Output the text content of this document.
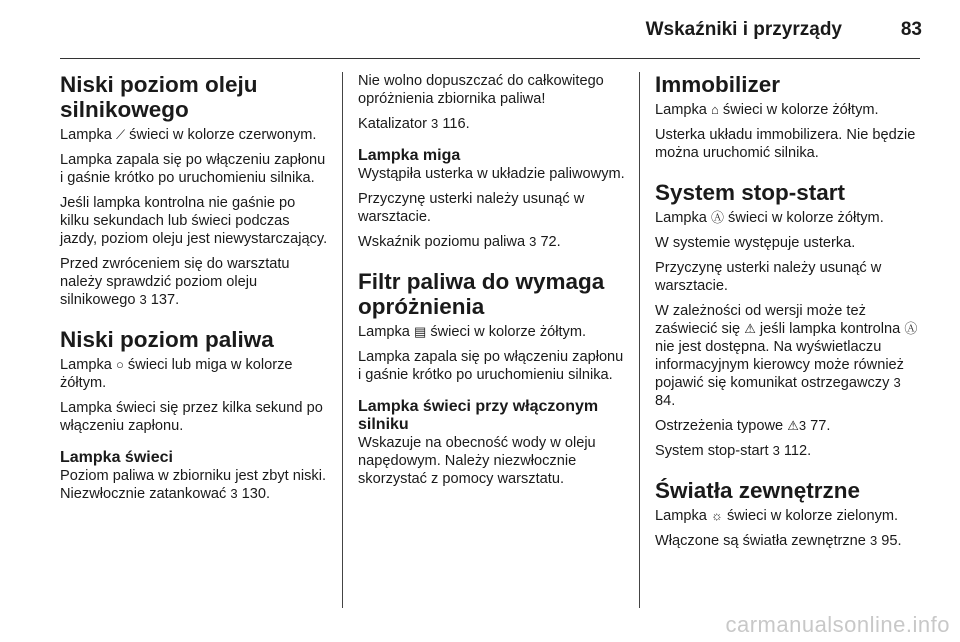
Wskaźniki i przyrządy	83
Niski poziom oleju silnikowego

Lampka ⟋ świeci w kolorze czerwonym.

Lampka zapala się po włączeniu zapłonu i gaśnie krótko po uruchomieniu silnika.

Jeśli lampka kontrolna nie gaśnie po kilku sekundach lub świeci podczas jazdy, poziom oleju jest niewystarczający.

Przed zwróceniem się do warsztatu należy sprawdzić poziom oleju silnikowego 3 137.

Niski poziom paliwa

Lampka ○ świeci lub miga w kolorze żółtym.

Lampka świeci się przez kilka sekund po włączeniu zapłonu.

Lampka świeci

Poziom paliwa w zbiorniku jest zbyt niski. Niezwłocznie zatankować 3 130.

Nie wolno dopuszczać do całkowitego opróżnienia zbiornika paliwa!

Katalizator 3 116.

Lampka miga

Wystąpiła usterka w układzie paliwowym.

Przyczynę usterki należy usunąć w warsztacie.

Wskaźnik poziomu paliwa 3 72.

Filtr paliwa do wymaga opróżnienia

Lampka ▤ świeci w kolorze żółtym.

Lampka zapala się po włączeniu zapłonu i gaśnie krótko po uruchomieniu silnika.

Lampka świeci przy włączonym silniku

Wskazuje na obecność wody w oleju napędowym. Należy niezwłocznie skorzystać z pomocy warsztatu.

Immobilizer

Lampka ⌂ świeci w kolorze żółtym.

Usterka układu immobilizera. Nie będzie można uruchomić silnika.

System stop-start

Lampka Ⓐ świeci w kolorze żółtym.

W systemie występuje usterka.

Przyczynę usterki należy usunąć w warsztacie.

W zależności od wersji może też zaświecić się ⚠ jeśli lampka kontrolna Ⓐ nie jest dostępna. Na wyświetlaczu informacyjnym kierowcy może również pojawić się komunikat ostrzegawczy 3 84.

Ostrzeżenia typowe ⚠3 77.

System stop-start 3 112.

Światła zewnętrzne

Lampka ☼ świeci w kolorze zielonym.

Włączone są światła zewnętrzne 3 95.

carmanualsonline.info
